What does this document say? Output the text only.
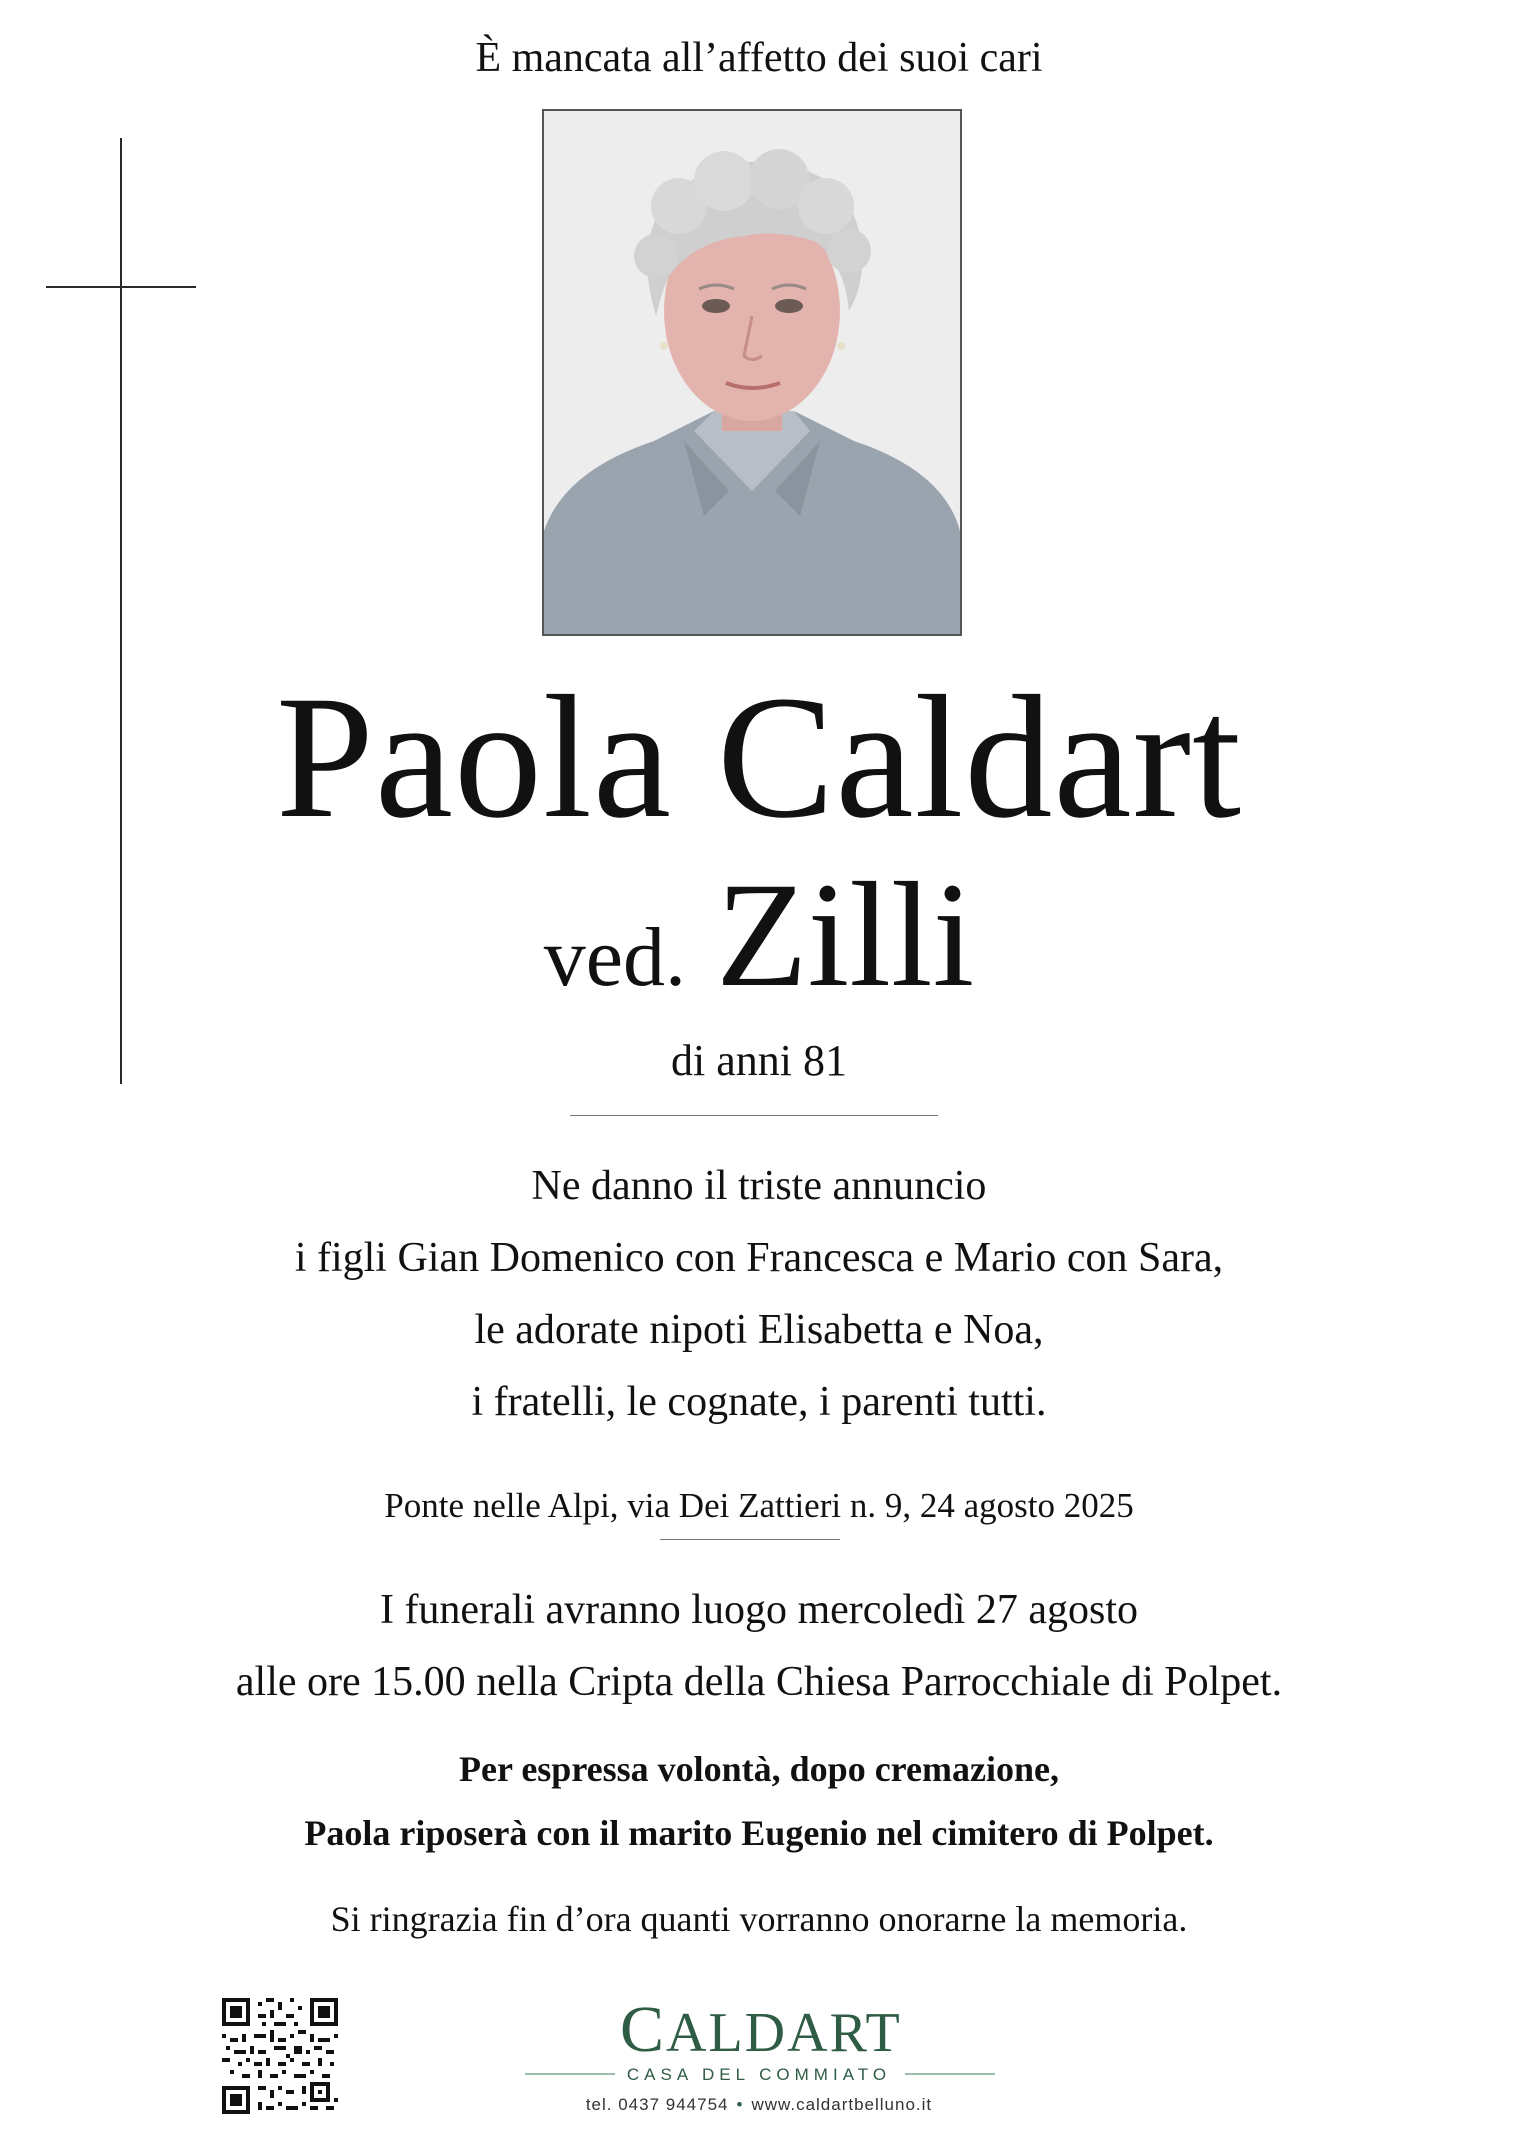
È mancata all’affetto dei suoi cari
Paola Caldart
ved. Zilli
di anni 81
Ne danno il triste annuncio
i figli Gian Domenico con Francesca e Mario con Sara,
le adorate nipoti Elisabetta e Noa,
i fratelli, le cognate, i parenti tutti.
Ponte nelle Alpi, via Dei Zattieri n. 9, 24 agosto 2025
I funerali avranno luogo mercoledì 27 agosto
alle ore 15.00 nella Cripta della Chiesa Parrocchiale di Polpet.
Per espressa volontà, dopo cremazione,
Paola riposerà con il marito Eugenio nel cimitero di Polpet.
Si ringrazia fin d’ora quanti vorranno onorarne la memoria.
CALDART
CASA DEL COMMIATO
tel. 0437 944754 • www.caldartbelluno.it
